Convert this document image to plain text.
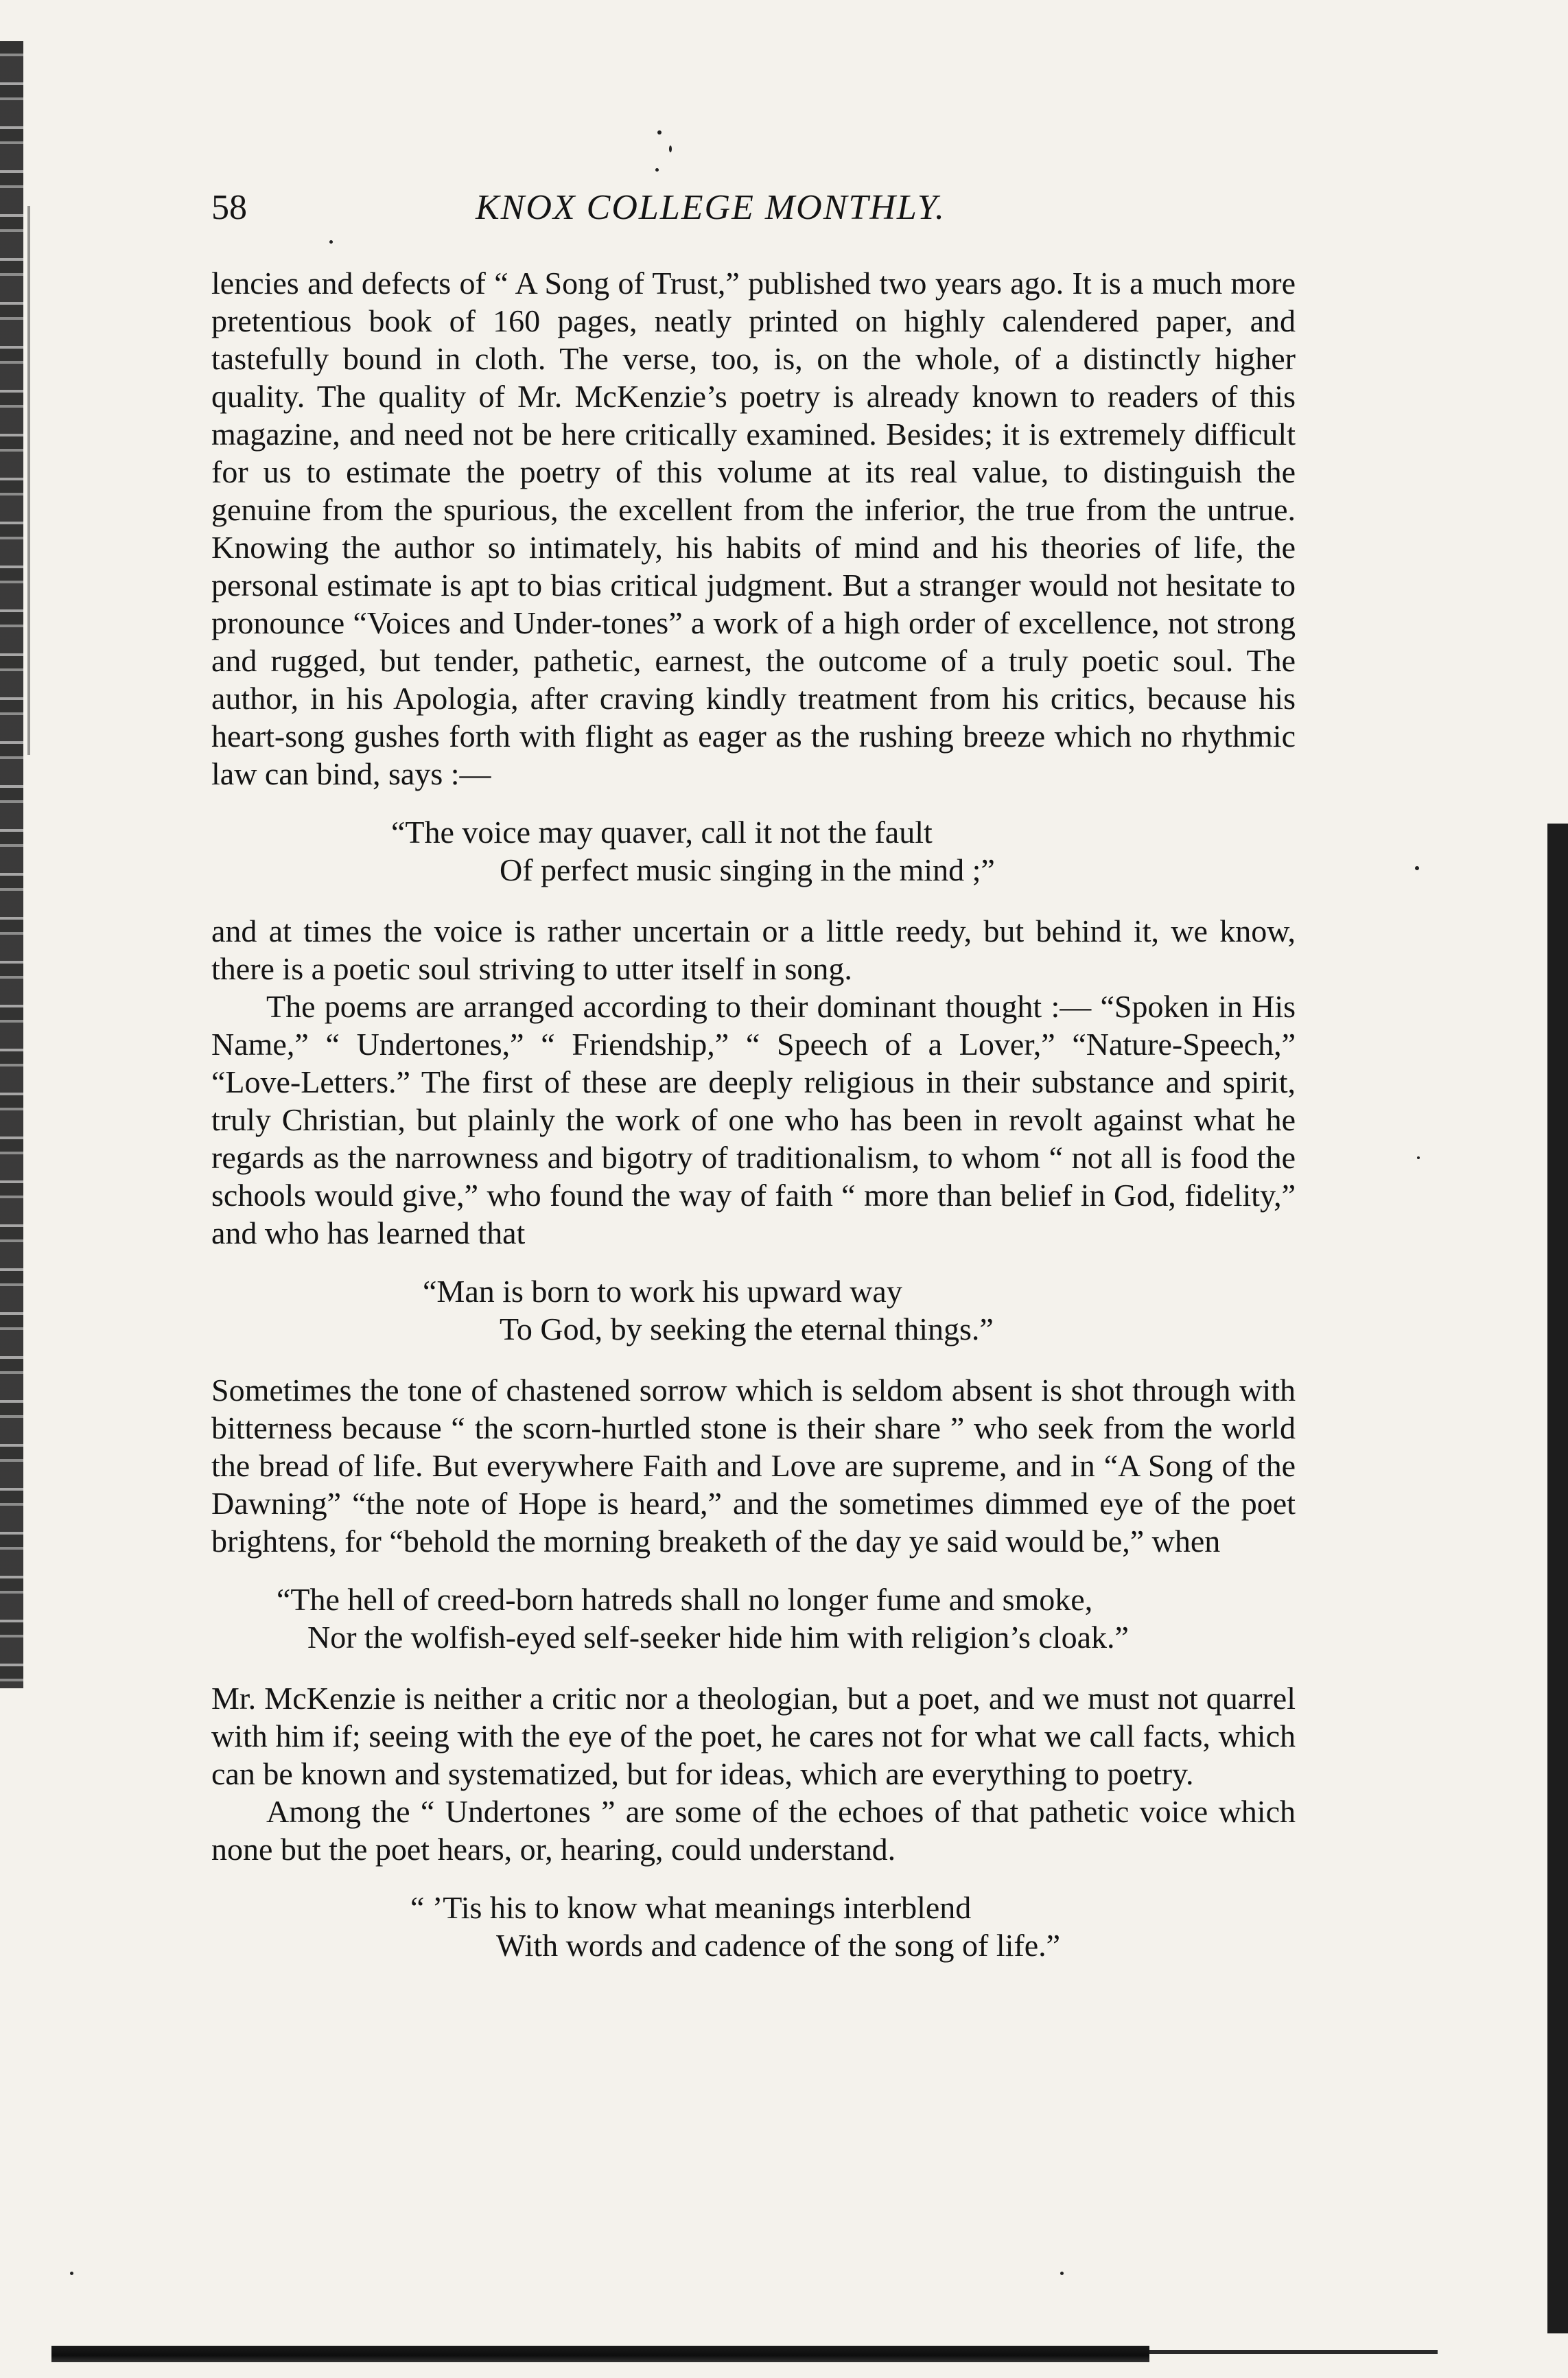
58	KNOX COLLEGE MONTHLY.

lencies and defects of “ A Song of Trust,” published two years ago. It is a much more pretentious book of 160 pages, neatly printed on highly calendered paper, and tastefully bound in cloth. The verse, too, is, on the whole, of a distinctly higher quality. The quality of Mr. McKenzie’s poetry is already known to readers of this magazine, and need not be here critically examined. Besides; it is extremely difficult for us to estimate the poetry of this volume at its real value, to distinguish the genuine from the spurious, the excellent from the inferior, the true from the untrue. Knowing the author so intimately, his habits of mind and his theories of life, the personal estimate is apt to bias critical judgment. But a stranger would not hesitate to pronounce “Voices and Under-tones” a work of a high order of excellence, not strong and rugged, but tender, pathetic, earnest, the outcome of a truly poetic soul. The author, in his Apologia, after craving kindly treatment from his critics, because his heart-song gushes forth with flight as eager as the rushing breeze which no rhythmic law can bind, says :—

“The voice may quaver, call it not the fault
Of perfect music singing in the mind ;”

and at times the voice is rather uncertain or a little reedy, but behind it, we know, there is a poetic soul striving to utter itself in song.

The poems are arranged according to their dominant thought :— “Spoken in His Name,” “ Undertones,” “ Friendship,” “ Speech of a Lover,” “Nature-Speech,” “Love-Letters.” The first of these are deeply religious in their substance and spirit, truly Christian, but plainly the work of one who has been in revolt against what he regards as the narrowness and bigotry of traditionalism, to whom “ not all is food the schools would give,” who found the way of faith “ more than belief in God, fidelity,” and who has learned that

“Man is born to work his upward way
To God, by seeking the eternal things.”

Sometimes the tone of chastened sorrow which is seldom absent is shot through with bitterness because “ the scorn-hurtled stone is their share ” who seek from the world the bread of life. But everywhere Faith and Love are supreme, and in “A Song of the Dawning” “the note of Hope is heard,” and the sometimes dimmed eye of the poet brightens, for “behold the morning breaketh of the day ye said would be,” when

“The hell of creed-born hatreds shall no longer fume and smoke,
Nor the wolfish-eyed self-seeker hide him with religion’s cloak.”

Mr. McKenzie is neither a critic nor a theologian, but a poet, and we must not quarrel with him if; seeing with the eye of the poet, he cares not for what we call facts, which can be known and systematized, but for ideas, which are everything to poetry.

Among the “ Undertones ” are some of the echoes of that pathetic voice which none but the poet hears, or, hearing, could understand.

“ ’Tis his to know what meanings interblend
With words and cadence of the song of life.”
